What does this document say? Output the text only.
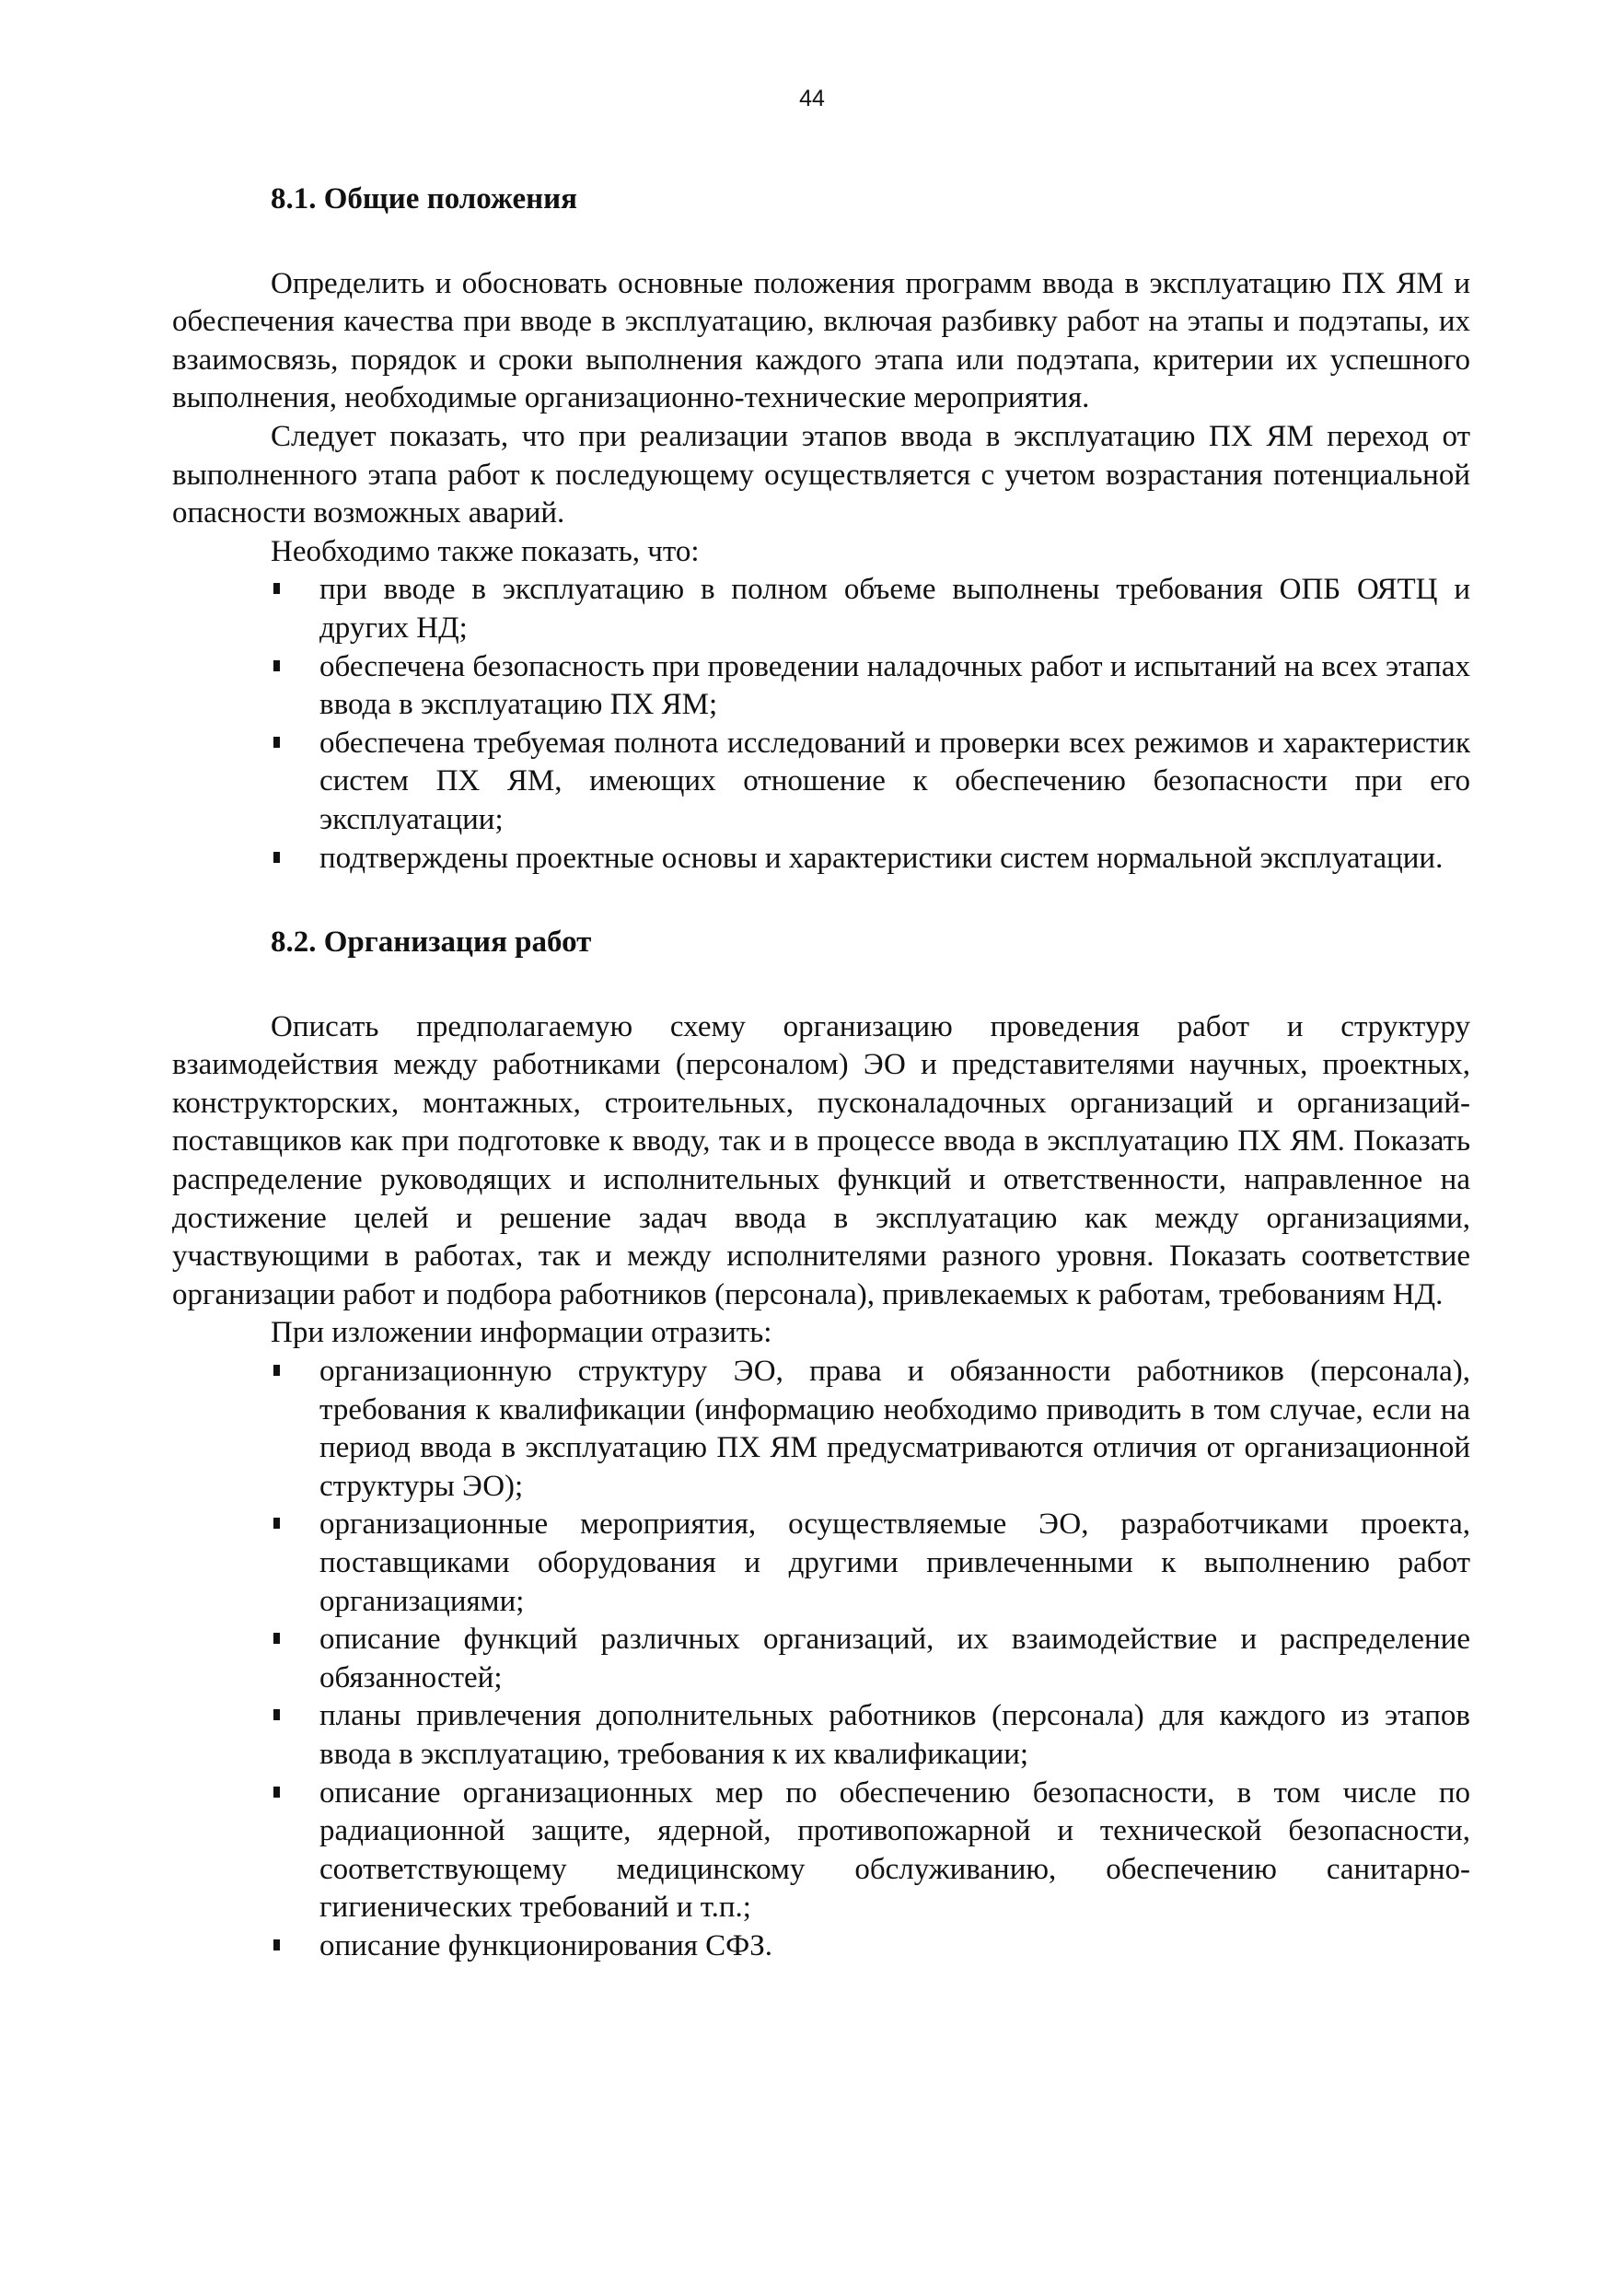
44
8.1. Общие положения

Определить и обосновать основные положения программ ввода в эксплуатацию ПХ ЯМ и обеспечения качества при вводе в эксплуатацию, включая разбивку работ на этапы и подэтапы, их взаимосвязь, порядок и сроки выполнения каждого этапа или подэтапа, критерии их успешного выполнения, необходимые организационно-технические мероприятия.

Следует показать, что при реализации этапов ввода в эксплуатацию ПХ ЯМ переход от выполненного этапа работ к последующему осуществляется с учетом возрастания потенциальной опасности возможных аварий.

Необходимо также показать, что:

при вводе в эксплуатацию в полном объеме выполнены требования ОПБ ОЯТЦ и других НД;
обеспечена безопасность при проведении наладочных работ и испытаний на всех этапах ввода в эксплуатацию ПХ ЯМ;
обеспечена требуемая полнота исследований и проверки всех режимов и характеристик систем ПХ ЯМ, имеющих отношение к обеспечению безопасности при его эксплуатации;
подтверждены проектные основы и характеристики систем нормальной эксплуатации.
8.2. Организация работ

Описать предполагаемую схему организацию проведения работ и структуру взаимодействия между работниками (персоналом) ЭО и представителями научных, проектных, конструкторских, монтажных, строительных, пусконаладочных организаций и организаций-поставщиков как при подготовке к вводу, так и в процессе ввода в эксплуатацию ПХ ЯМ. Показать распределение руководящих и исполнительных функций и ответственности, направленное на достижение целей и решение задач ввода в эксплуатацию как между организациями, участвующими в работах, так и между исполнителями разного уровня. Показать соответствие организации работ и подбора работников (персонала), привлекаемых к работам, требованиям НД.

При изложении информации отразить:

организационную структуру ЭО, права и обязанности работников (персонала), требования к квалификации (информацию необходимо приводить в том случае, если на период ввода в эксплуатацию ПХ ЯМ предусматриваются отличия от организационной структуры ЭО);
организационные мероприятия, осуществляемые ЭО, разработчиками проекта, поставщиками оборудования и другими привлеченными к выполнению работ организациями;
описание функций различных организаций, их взаимодействие и распределение обязанностей;
планы привлечения дополнительных работников (персонала) для каждого из этапов ввода в эксплуатацию, требования к их квалификации;
описание организационных мер по обеспечению безопасности, в том числе по радиационной защите, ядерной, противопожарной и технической безопасности, соответствующему медицинскому обслуживанию, обеспечению санитарно-гигиенических требований и т.п.;
описание функционирования СФЗ.
